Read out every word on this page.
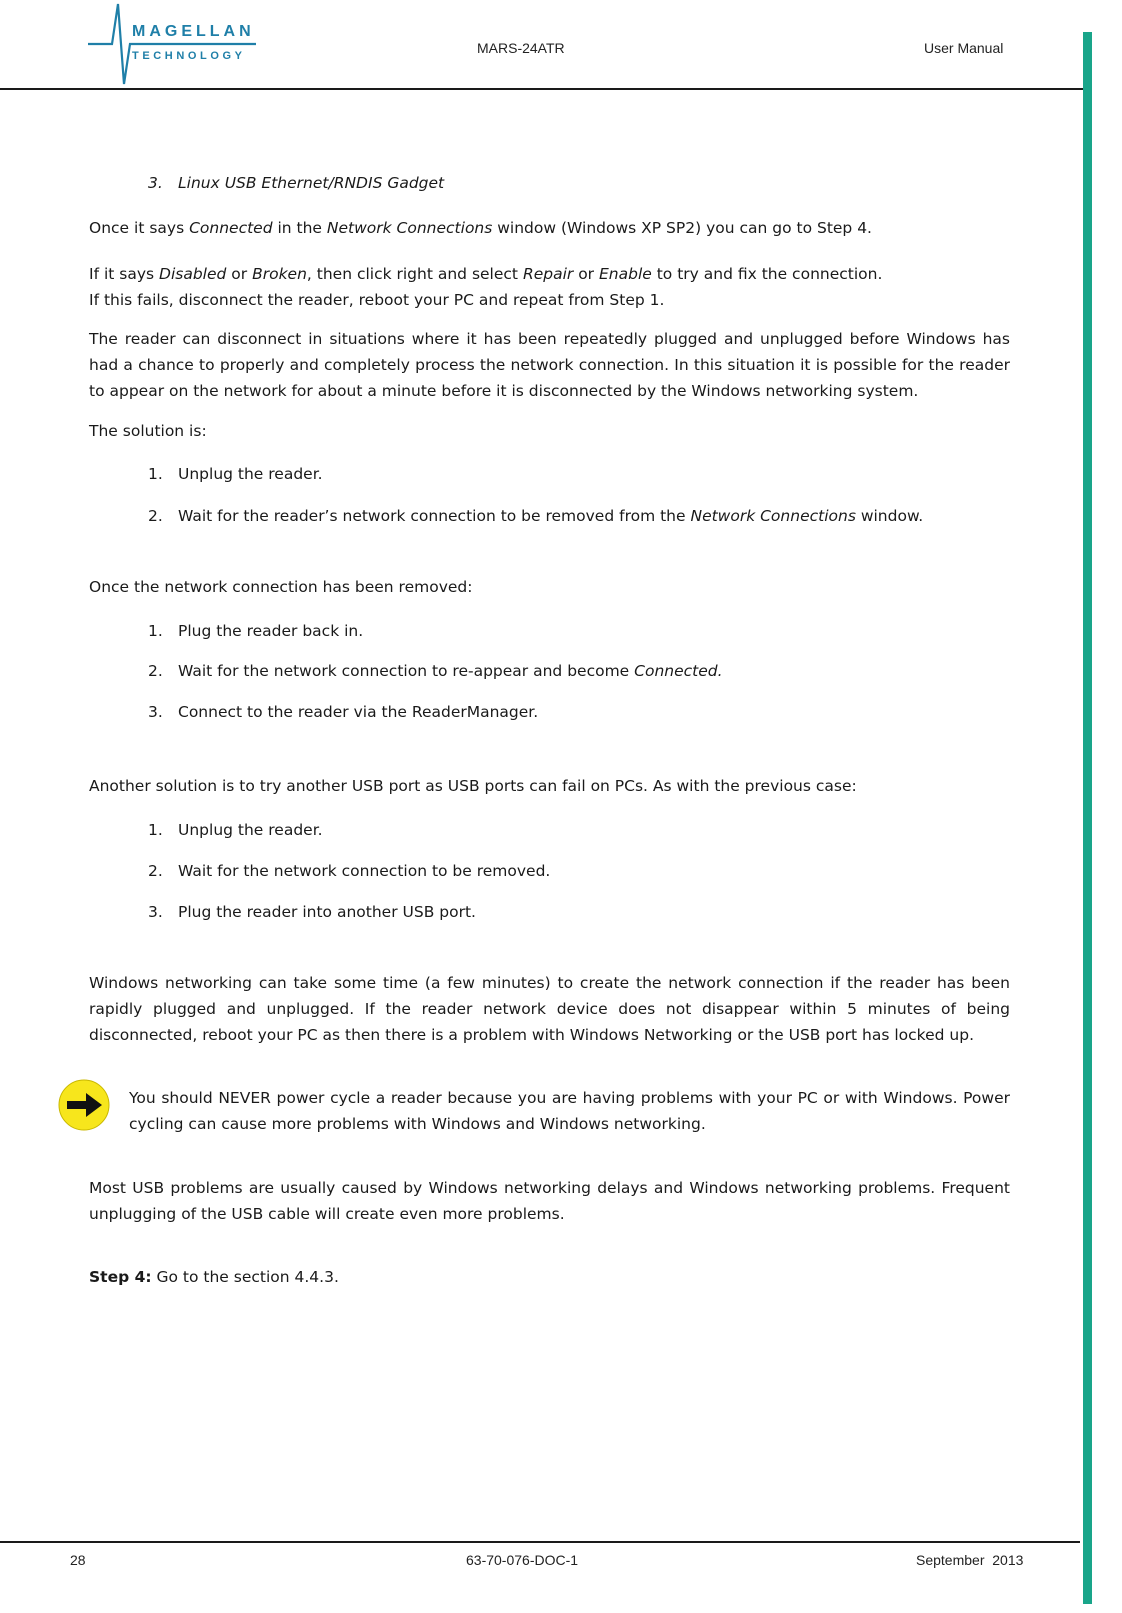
MAGELLAN
TECHNOLOGY	MARS-24ATR	User Manual
3. Linux USB Ethernet/RNDIS Gadget
Once it says Connected in the Network Connections window (Windows XP SP2) you can go to Step 4.
If it says Disabled or Broken, then click right and select Repair or Enable to try and ﬁx the connection.
If this fails, disconnect the reader, reboot your PC and repeat from Step 1.
The reader can disconnect in situations where it has been repeatedly plugged and unplugged before Windows has had a chance to properly and completely process the network connection. In this situation it is possible for the reader to appear on the network for about a minute before it is disconnected by the Windows networking system.
The solution is:
1. Unplug the reader.
2. Wait for the reader’s network connection to be removed from the Network Connections window.
Once the network connection has been removed:
1. Plug the reader back in.
2. Wait for the network connection to re-appear and become Connected.
3. Connect to the reader via the ReaderManager.
Another solution is to try another USB port as USB ports can fail on PCs. As with the previous case:
1. Unplug the reader.
2. Wait for the network connection to be removed.
3. Plug the reader into another USB port.
Windows networking can take some time (a few minutes) to create the network connection if the reader has been rapidly plugged and unplugged. If the reader network device does not disappear within 5 minutes of being disconnected, reboot your PC as then there is a problem with Windows Networking or the USB port has locked up.
You should NEVER power cycle a reader because you are having problems with your PC or with Windows. Power cycling can cause more problems with Windows and Windows networking.
Most USB problems are usually caused by Windows networking delays and Windows networking problems. Frequent unplugging of the USB cable will create even more problems.
Step 4: Go to the section 4.4.3.
28	63-70-076-DOC-1	September  2013
